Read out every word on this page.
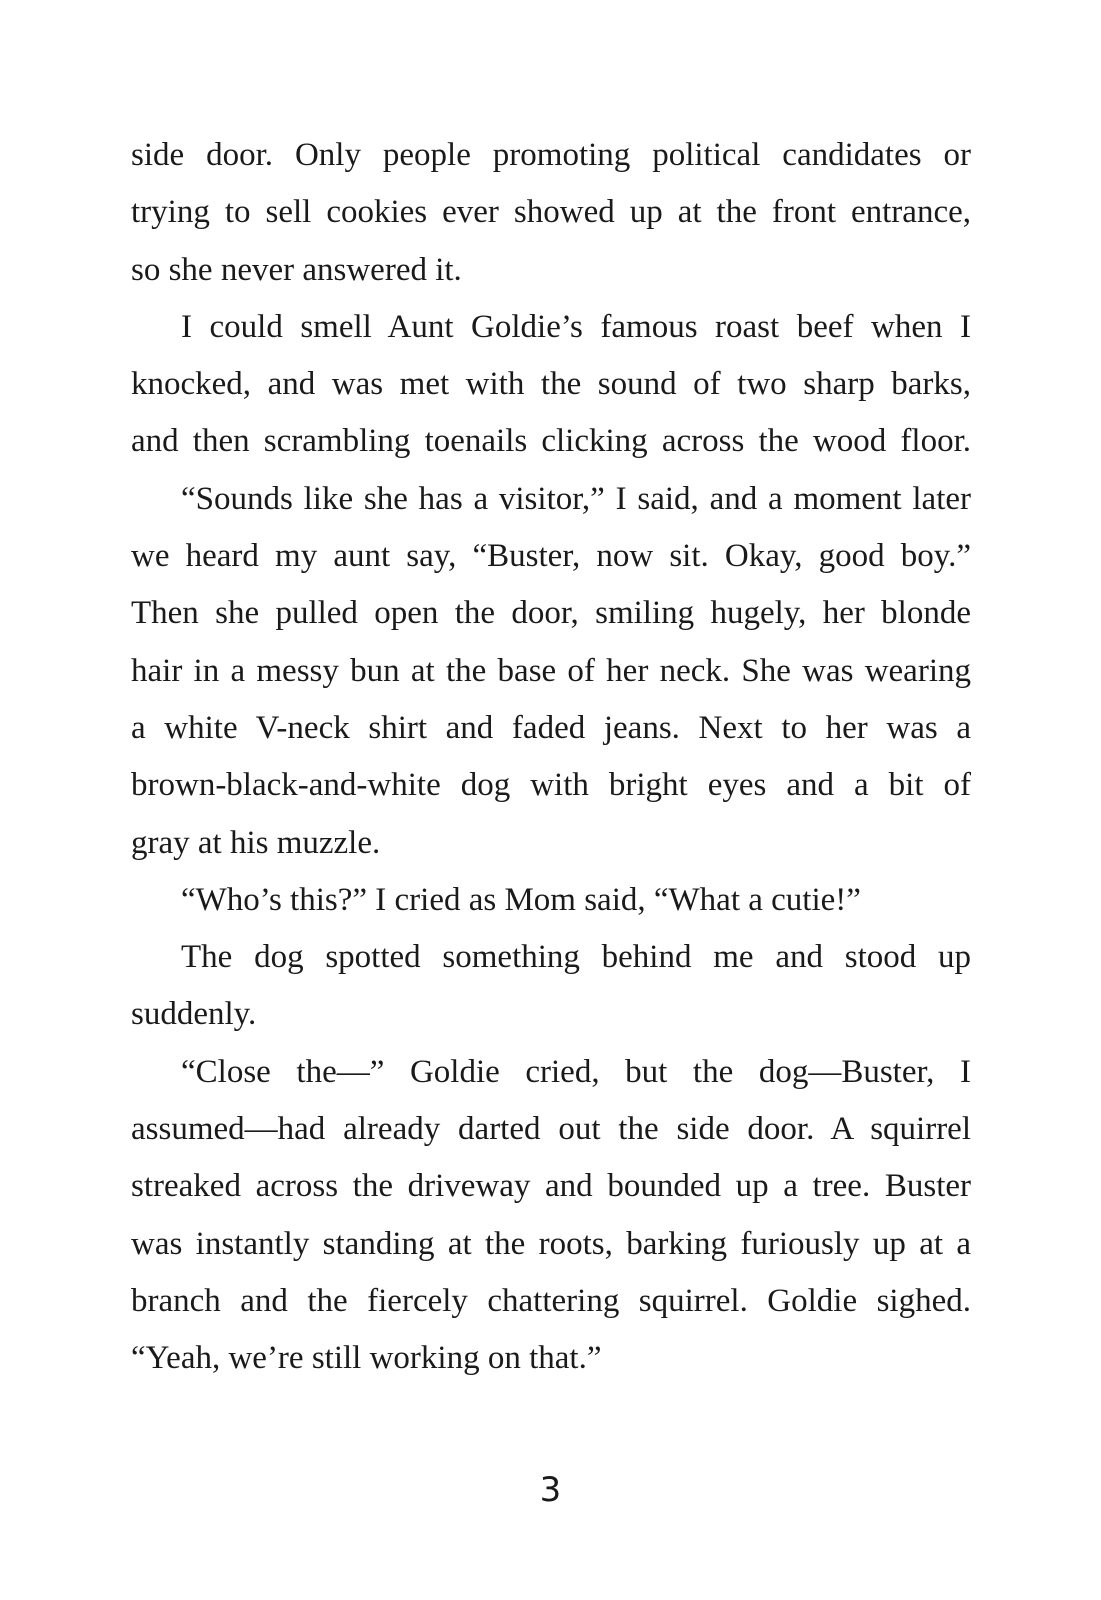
side door. Only people promoting political candidates or
trying to sell cookies ever showed up at the front entrance,
so she never answered it.
I could smell Aunt Goldie’s famous roast beef when I
knocked, and was met with the sound of two sharp barks,
and then scrambling toenails clicking across the wood floor.
“Sounds like she has a visitor,” I said, and a moment later
we heard my aunt say, “Buster, now sit. Okay, good boy.”
Then she pulled open the door, smiling hugely, her blonde
hair in a messy bun at the base of her neck. She was wearing
a white V-neck shirt and faded jeans. Next to her was a
brown-black-and-white dog with bright eyes and a bit of
gray at his muzzle.
“Who’s this?” I cried as Mom said, “What a cutie!”
The dog spotted something behind me and stood up
suddenly.
“Close the—” Goldie cried, but the dog—Buster, I
assumed—had already darted out the side door. A squirrel
streaked across the driveway and bounded up a tree. Buster
was instantly standing at the roots, barking furiously up at a
branch and the fiercely chattering squirrel. Goldie sighed.
“Yeah, we’re still working on that.”
3
